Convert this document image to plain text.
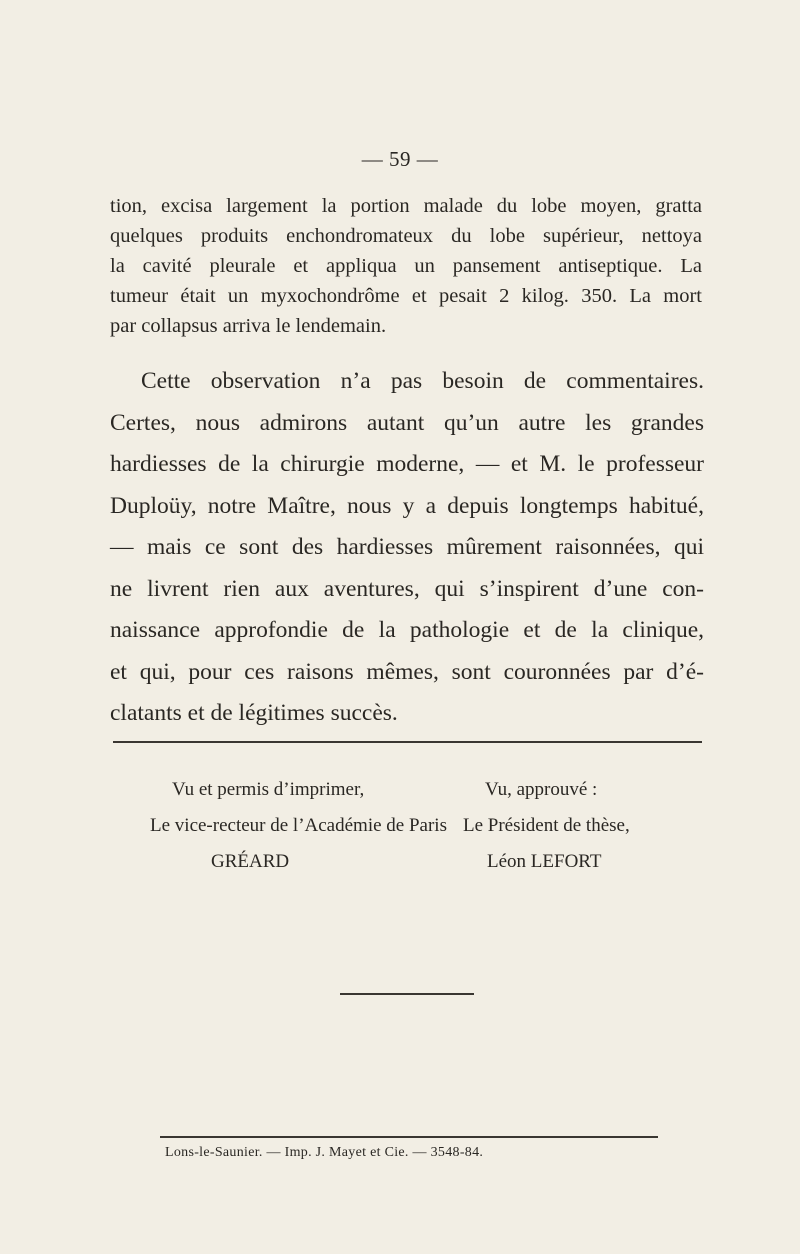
— 59 —
tion, excisa largement la portion malade du lobe moyen, gratta
quelques produits enchondromateux du lobe supérieur, nettoya
la cavité pleurale et appliqua un pansement antiseptique. La
tumeur était un myxochondrôme et pesait 2 kilog. 350. La mort
par collapsus arriva le lendemain.
Cette observation n’a pas besoin de commentaires.
Certes, nous admirons autant qu’un autre les grandes
hardiesses de la chirurgie moderne, — et M. le professeur
Duploüy, notre Maître, nous y a depuis longtemps habitué,
— mais ce sont des hardiesses mûrement raisonnées, qui
ne livrent rien aux aventures, qui s’inspirent d’une con-
naissance approfondie de la pathologie et de la clinique,
et qui, pour ces raisons mêmes, sont couronnées par d’é-
clatants et de légitimes succès.
Vu et permis d’imprimer,
Le vice-recteur de l’Académie de Paris
GRÉARD
Vu, approuvé :
Le Président de thèse,
Léon LEFORT
Lons-le-Saunier. — Imp. J. Mayet et Cie. — 3548-84.
